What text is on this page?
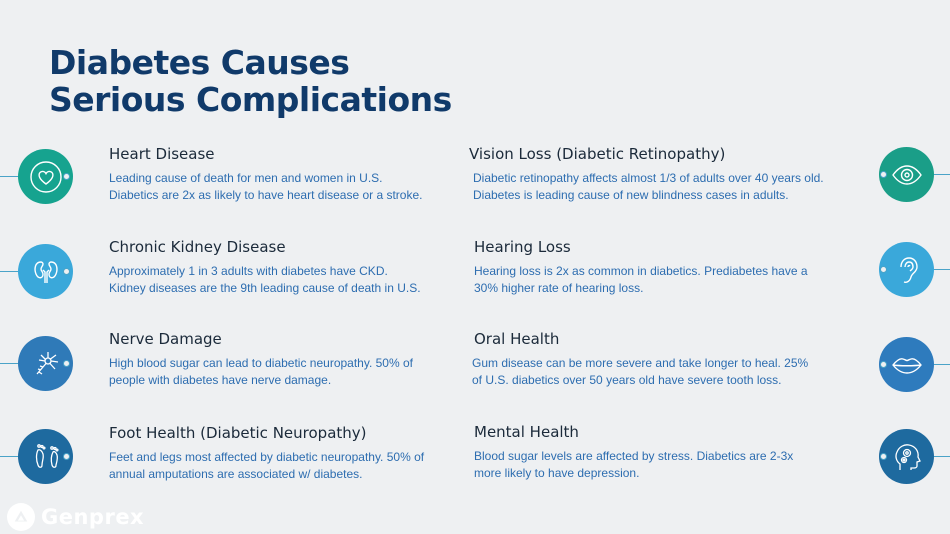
Diabetes Causes
Serious Complications
Heart Disease

Leading cause of death for men and women in U.S.
Diabetics are 2x as likely to have heart disease or a stroke.

Chronic Kidney Disease

Approximately 1 in 3 adults with diabetes have CKD.
Kidney diseases are the 9th leading cause of death in U.S.

Nerve Damage

High blood sugar can lead to diabetic neuropathy. 50% of
people with diabetes have nerve damage.

Foot Health (Diabetic Neuropathy)

Feet and legs most affected by diabetic neuropathy. 50% of
annual amputations are associated w/ diabetes.

Vision Loss (Diabetic Retinopathy)

Diabetic retinopathy affects almost 1/3 of adults over 40 years old.
Diabetes is leading cause of new blindness cases in adults.

Hearing Loss

Hearing loss is 2x as common in diabetics. Prediabetes have a
30% higher rate of hearing loss.

Oral Health

Gum disease can be more severe and take longer to heal. 25%
of U.S. diabetics over 50 years old have severe tooth loss.

Mental Health

Blood sugar levels are affected by stress. Diabetics are 2-3x
more likely to have depression.

Genprex
